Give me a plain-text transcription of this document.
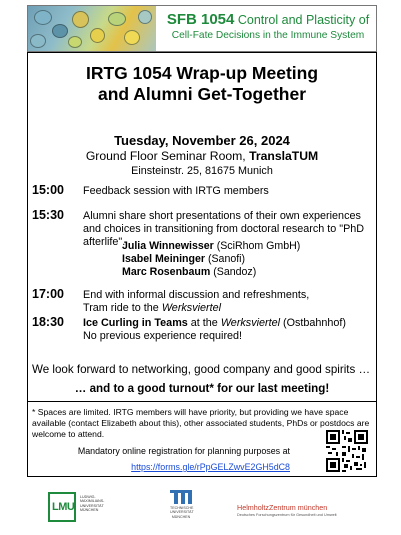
SFB 1054 Control and Plasticity of
Cell-Fate Decisions in the Immune System
IRTG 1054 Wrap-up Meeting
and Alumni Get-Together
Tuesday, November 26, 2024
Ground Floor Seminar Room, TranslaTUM
Einsteinstr. 25, 81675 Munich
15:00 Feedback session with IRTG members
15:30 Alumni share short presentations of their own experiences and choices in transitioning from doctoral research to "PhD afterlife".
Julia Winnewisser (SciRhom GmbH)
Isabel Meininger (Sanofi)
Marc Rosenbaum (Sandoz)
17:00 End with informal discussion and refreshments,
Tram ride to the Werksviertel
18:30 Ice Curling in Teams at the Werksviertel (Ostbahnhof)
No previous experience required!
We look forward to networking, good company and good spirits …
… and to a good turnout* for our last meeting!
* Spaces are limited. IRTG members will have priority, but providing we have space available (contact Elizabeth about this), other associated students, PhDs or postdocs are welcome to attend.
Mandatory online registration for planning purposes at
https://forms.gle/rPpGELZwvE2GH5dC8
LMU
LUDWIG-MAXIMILIANS-UNIVERSITÄT MÜNCHEN
TECHNISCHE
UNIVERSITÄT
MÜNCHEN
HelmholtzZentrum münchen
Deutsches Forschungszentrum für Gesundheit und Umwelt
